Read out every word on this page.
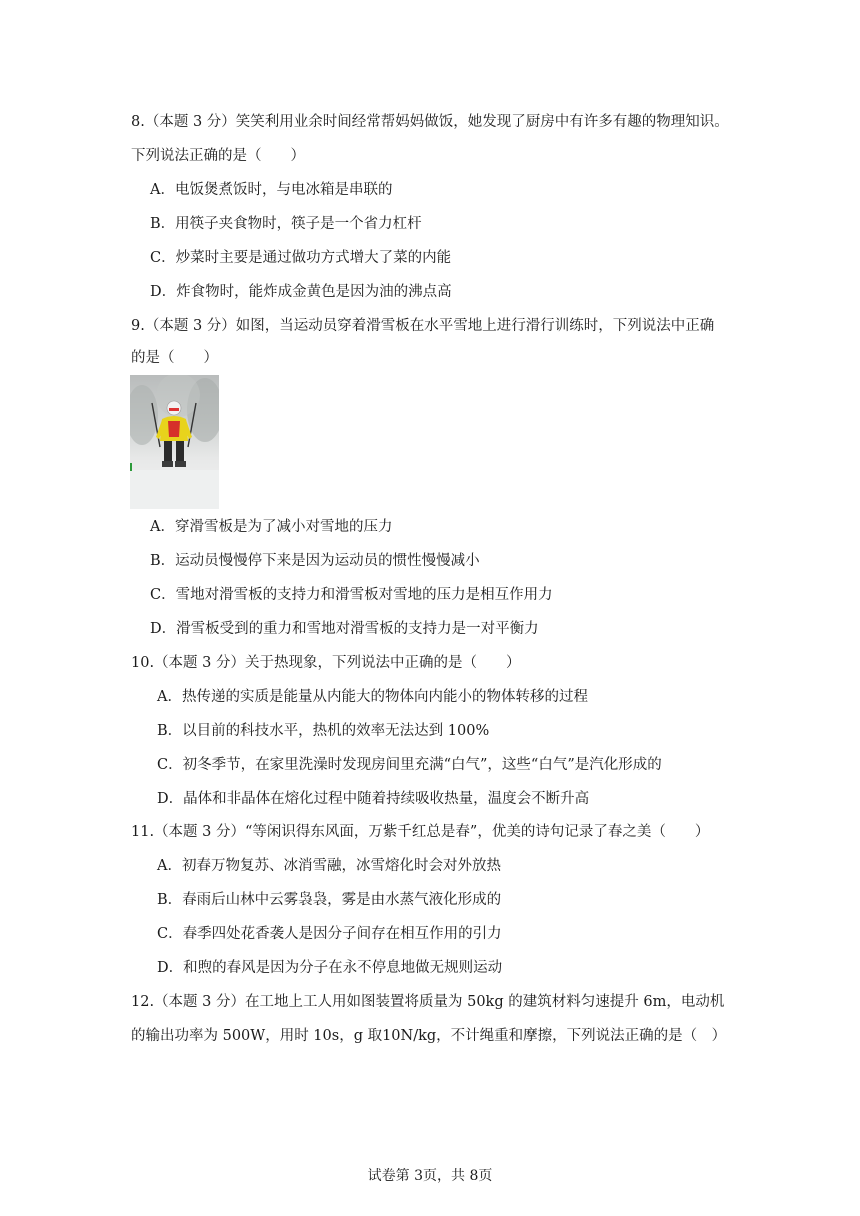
8.（本题 3 分）笑笑利用业余时间经常帮妈妈做饭，她发现了厨房中有许多有趣的物理知识。
下列说法正确的是（　　）
A．电饭煲煮饭时，与电冰箱是串联的
B．用筷子夹食物时，筷子是一个省力杠杆
C．炒菜时主要是通过做功方式增大了菜的内能
D．炸食物时，能炸成金黄色是因为油的沸点高
9.（本题 3 分）如图，当运动员穿着滑雪板在水平雪地上进行滑行训练时，下列说法中正确
的是（　　）
A．穿滑雪板是为了减小对雪地的压力
B．运动员慢慢停下来是因为运动员的惯性慢慢减小
C．雪地对滑雪板的支持力和滑雪板对雪地的压力是相互作用力
D．滑雪板受到的重力和雪地对滑雪板的支持力是一对平衡力
10.（本题 3 分）关于热现象，下列说法中正确的是（　　）
A．热传递的实质是能量从内能大的物体向内能小的物体转移的过程
B．以目前的科技水平，热机的效率无法达到 100%
C．初冬季节，在家里洗澡时发现房间里充满“白气”，这些“白气”是汽化形成的
D．晶体和非晶体在熔化过程中随着持续吸收热量，温度会不断升高
11.（本题 3 分）“等闲识得东风面，万紫千红总是春”，优美的诗句记录了春之美（　　）
A．初春万物复苏、冰消雪融，冰雪熔化时会对外放热
B．春雨后山林中云雾袅袅，雾是由水蒸气液化形成的
C．春季四处花香袭人是因分子间存在相互作用的引力
D．和煦的春风是因为分子在永不停息地做无规则运动
12.（本题 3 分）在工地上工人用如图装置将质量为 50kg 的建筑材料匀速提升 6m，电动机
的输出功率为 500W，用时 10s，g 取10N/kg，不计绳重和摩擦，下列说法正确的是（　）
试卷第 3页，共 8页
